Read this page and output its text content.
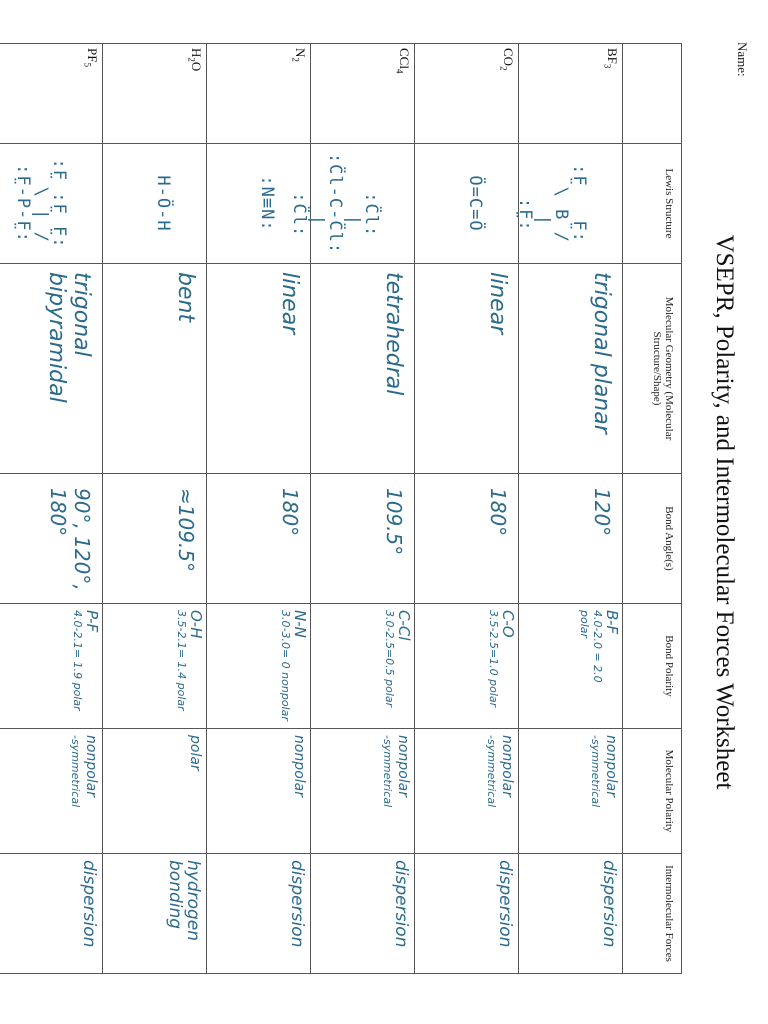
Name:
VSEPR, Polarity, and Intermolecular Forces Worksheet
	Lewis Structure	Molecular Geometry (Molecular Structure/Shape)	Bond Angle(s)	Bond Polarity	Molecular Polarity	Intermolecular Forces

$BF_3$	:F̤   F̤:
\ B /
|
:F̤:	trigonal planar	120°	B-F
4.0-2.0 = 2.0
polar	nonpolar
-symmetrical	dispersion

$CO_2$	Ö=C=Ö	linear	180°	C-O
3.5-2.5=1.0 polar	nonpolar
-symmetrical	dispersion

CCl$_4$	:C̈l:
|
:C̈l-C-C̈l:
|
:C̈l:	tetrahedral	109.5°	C-Cl
3.0-2.5=0.5 polar	nonpolar
-symmetrical	dispersion

$N_2$	:N≡N:	linear	180°	N-N
3.0-3.0= 0 nonpolar	nonpolar	dispersion

$H_2O$	H-Ö-H	bent	≈109.5°	O-H
3.5-2.1= 1.4 polar	polar	hydrogen
bonding

$PF_5$	:F̤ :F̤ F̤:
\ | /
:F̤-P-F̤:	trigonal bipyramidal	90°, 120°, 180°	P-F
4.0-2.1= 1.9 polar	nonpolar
-symmetrical	dispersion
